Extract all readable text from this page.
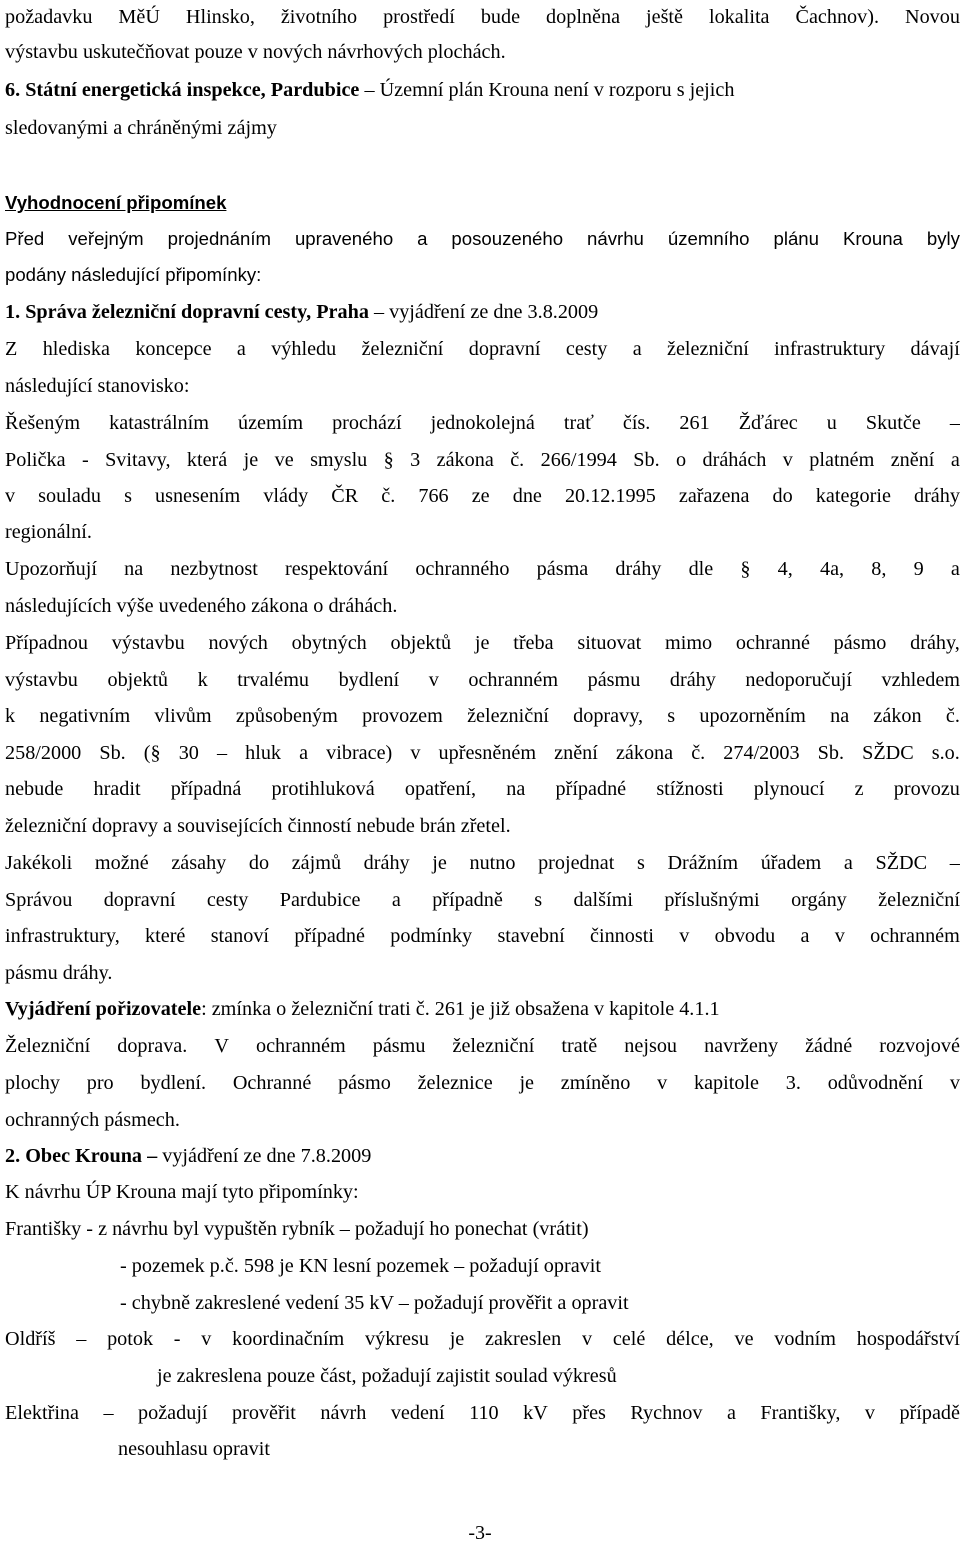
požadavku MěÚ Hlinsko, životního prostředí bude doplněna ještě lokalita Čachnov). Novou
výstavbu uskutečňovat pouze v nových návrhových plochách.
6. Státní energetická inspekce, Pardubice – Územní plán Krouna není v rozporu s jejich
sledovanými a chráněnými zájmy
Vyhodnocení připomínek
Před veřejným projednáním upraveného a posouzeného návrhu územního plánu Krouna byly
podány následující připomínky:
1. Správa železniční dopravní cesty, Praha – vyjádření ze dne 3.8.2009
Z hlediska koncepce a výhledu železniční dopravní cesty a železniční infrastruktury dávají
následující stanovisko:
Řešeným katastrálním územím prochází jednokolejná trať čís. 261 Žďárec u Skutče –
Polička - Svitavy, která je ve smyslu § 3 zákona č. 266/1994 Sb. o dráhách v platném znění a
v souladu s usnesením vlády ČR č. 766 ze dne 20.12.1995 zařazena do kategorie dráhy
regionální.
Upozorňují na nezbytnost respektování ochranného pásma dráhy dle § 4, 4a, 8, 9 a
následujících výše uvedeného zákona o dráhách.
Případnou výstavbu nových obytných objektů je třeba situovat mimo ochranné pásmo dráhy,
výstavbu objektů k trvalému bydlení v ochranném pásmu dráhy nedoporučují vzhledem
k negativním vlivům způsobeným provozem železniční dopravy, s upozorněním na zákon č.
258/2000 Sb. (§ 30 – hluk a vibrace) v upřesněném znění zákona č. 274/2003 Sb. SŽDC s.o.
nebude hradit případná protihluková opatření, na případné stížnosti plynoucí z provozu
železniční dopravy a souvisejících činností nebude brán zřetel.
Jakékoli možné zásahy do zájmů dráhy je nutno projednat s Drážním úřadem a SŽDC –
Správou dopravní cesty Pardubice a případně s dalšími příslušnými orgány železniční
infrastruktury, které stanoví případné podmínky stavební činnosti v obvodu a v ochranném
pásmu dráhy.
Vyjádření pořizovatele: zmínka o železniční trati č. 261 je již obsažena v kapitole 4.1.1
Železniční doprava. V ochranném pásmu železniční tratě nejsou navrženy žádné rozvojové
plochy pro bydlení. Ochranné pásmo železnice je zmíněno v kapitole 3. odůvodnění v
ochranných pásmech.
2. Obec Krouna – vyjádření ze dne 7.8.2009
K návrhu ÚP Krouna mají tyto připomínky:
Františky - z návrhu byl vypuštěn rybník – požadují ho ponechat (vrátit)
- pozemek p.č. 598 je KN lesní pozemek – požadují opravit
- chybně zakreslené vedení 35 kV – požadují prověřit a opravit
Oldříš – potok - v koordinačním výkresu je zakreslen v celé délce, ve vodním hospodářství
je zakreslena pouze část, požadují zajistit soulad výkresů
Elektřina – požadují prověřit návrh vedení 110 kV přes Rychnov a Františky, v případě
nesouhlasu opravit
-3-
